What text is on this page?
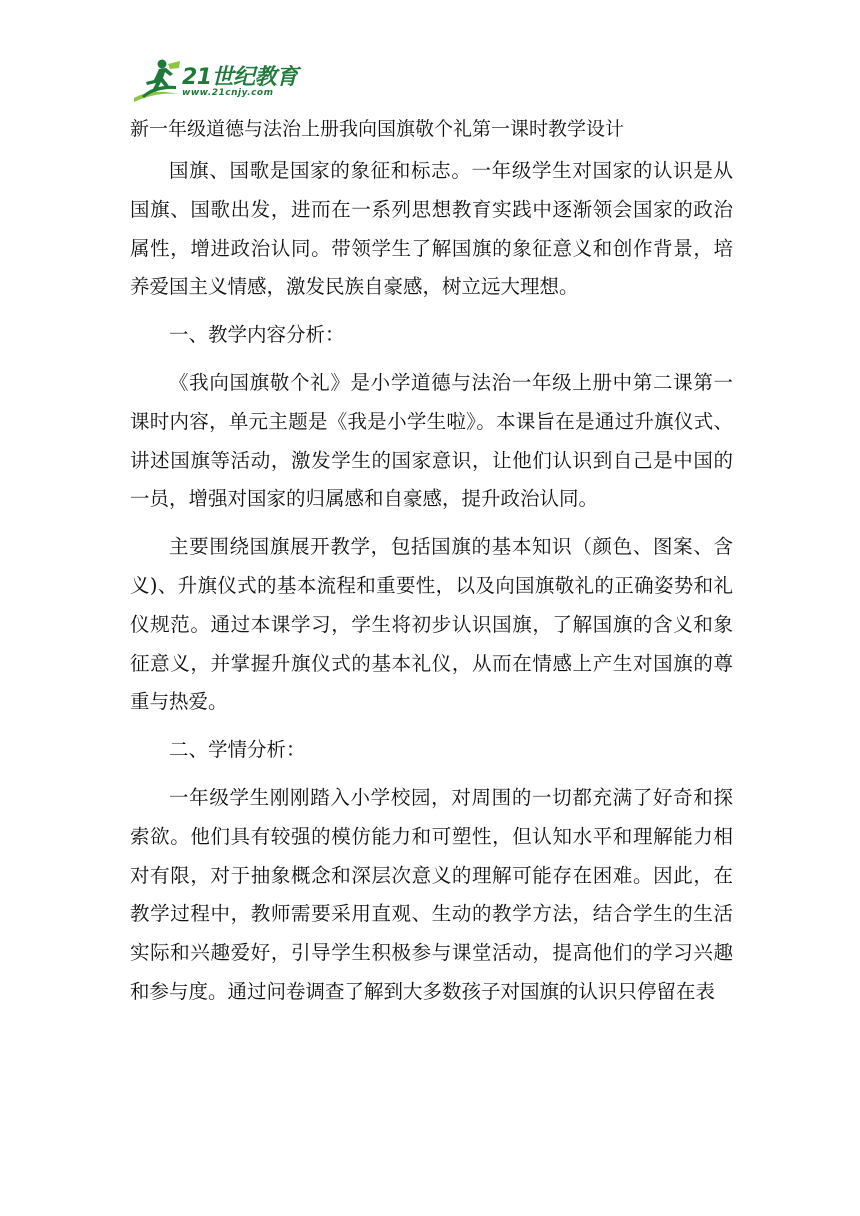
21世纪教育
www.21cnjy.com
新一年级道德与法治上册我向国旗敬个礼第一课时教学设计

国旗、国歌是国家的象征和标志。一年级学生对国家的认识是从国旗、国歌出发，进而在一系列思想教育实践中逐渐领会国家的政治属性，增进政治认同。带领学生了解国旗的象征意义和创作背景，培养爱国主义情感，激发民族自豪感，树立远大理想。

一、教学内容分析：

《我向国旗敬个礼》是小学道德与法治一年级上册中第二课第一课时内容，单元主题是《我是小学生啦》。本课旨在是通过升旗仪式、讲述国旗等活动，激发学生的国家意识，让他们认识到自己是中国的一员，增强对国家的归属感和自豪感，提升政治认同。

主要围绕国旗展开教学，包括国旗的基本知识（颜色、图案、含义)、升旗仪式的基本流程和重要性，以及向国旗敬礼的正确姿势和礼仪规范。通过本课学习，学生将初步认识国旗，了解国旗的含义和象征意义，并掌握升旗仪式的基本礼仪，从而在情感上产生对国旗的尊重与热爱。

二、学情分析：

一年级学生刚刚踏入小学校园，对周围的一切都充满了好奇和探索欲。他们具有较强的模仿能力和可塑性，但认知水平和理解能力相对有限，对于抽象概念和深层次意义的理解可能存在困难。因此，在教学过程中，教师需要采用直观、生动的教学方法，结合学生的生活实际和兴趣爱好，引导学生积极参与课堂活动，提高他们的学习兴趣和参与度。通过问卷调查了解到大多数孩子对国旗的认识只停留在表
